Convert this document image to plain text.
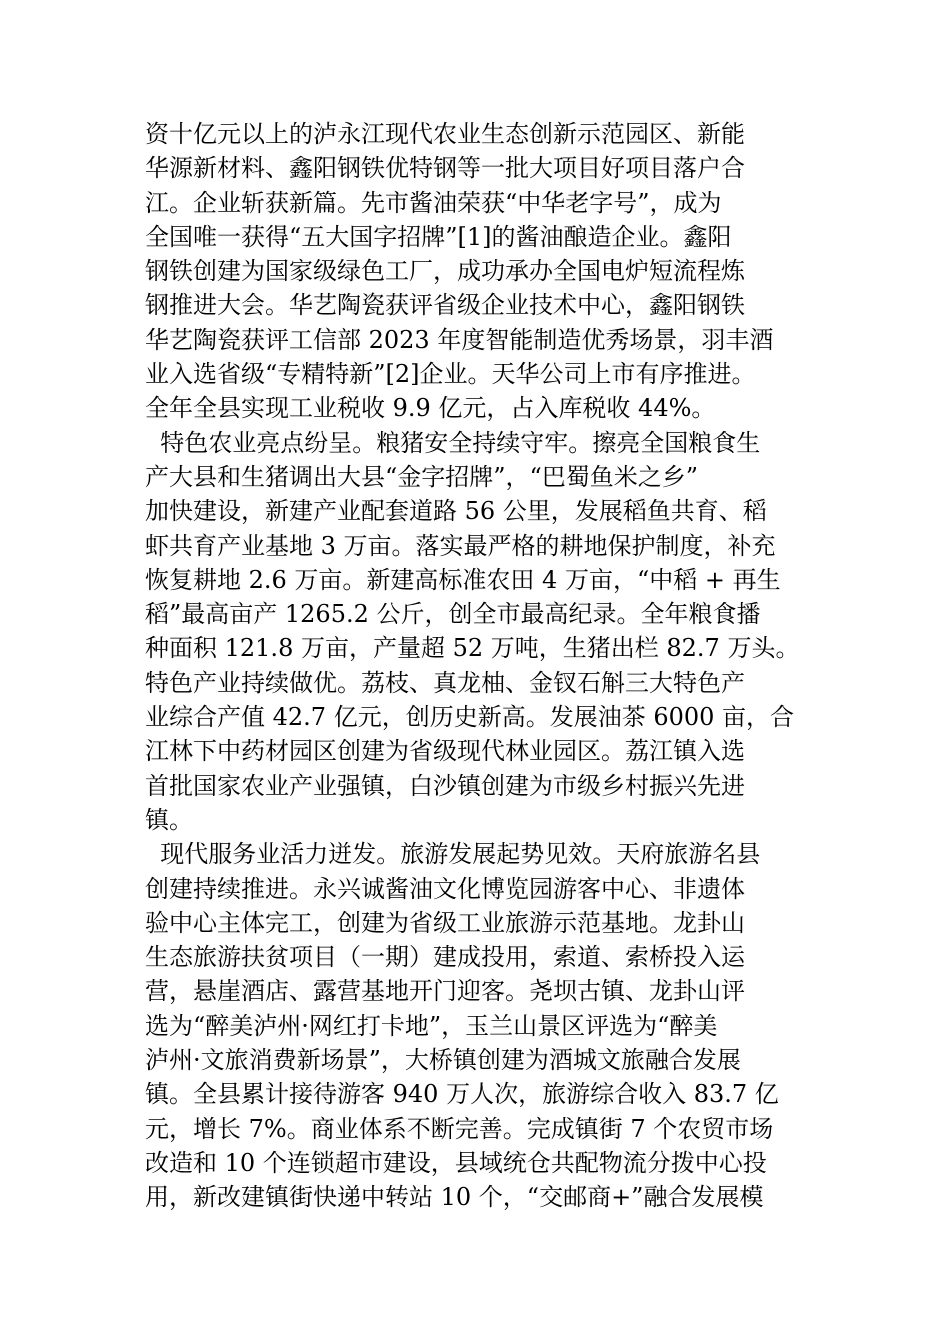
资十亿元以上的泸永江现代农业生态创新示范园区、新能
华源新材料、鑫阳钢铁优特钢等一批大项目好项目落户合
江。企业斩获新篇。先市酱油荣获“中华老字号”，成为
全国唯一获得“五大国字招牌”[1]的酱油酿造企业。鑫阳
钢铁创建为国家级绿色工厂，成功承办全国电炉短流程炼
钢推进大会。华艺陶瓷获评省级企业技术中心，鑫阳钢铁
华艺陶瓷获评工信部 2023 年度智能制造优秀场景，羽丰酒
业入选省级“专精特新”[2]企业。天华公司上市有序推进。
全年全县实现工业税收 9.9 亿元，占入库税收 44%。
特色农业亮点纷呈。粮猪安全持续守牢。擦亮全国粮食生
产大县和生猪调出大县“金字招牌”，“巴蜀鱼米之乡”
加快建设，新建产业配套道路 56 公里，发展稻鱼共育、稻
虾共育产业基地 3 万亩。落实最严格的耕地保护制度，补充
恢复耕地 2.6 万亩。新建高标准农田 4 万亩，“中稻 + 再生
稻”最高亩产 1265.2 公斤，创全市最高纪录。全年粮食播
种面积 121.8 万亩，产量超 52 万吨，生猪出栏 82.7 万头。
特色产业持续做优。荔枝、真龙柚、金钗石斛三大特色产
业综合产值 42.7 亿元，创历史新高。发展油茶 6000 亩，合
江林下中药材园区创建为省级现代林业园区。荔江镇入选
首批国家农业产业强镇，白沙镇创建为市级乡村振兴先进
镇。
现代服务业活力迸发。旅游发展起势见效。天府旅游名县
创建持续推进。永兴诚酱油文化博览园游客中心、非遗体
验中心主体完工，创建为省级工业旅游示范基地。龙卦山
生态旅游扶贫项目（一期）建成投用，索道、索桥投入运
营，悬崖酒店、露营基地开门迎客。尧坝古镇、龙卦山评
选为“醉美泸州·网红打卡地”，玉兰山景区评选为“醉美
泸州·文旅消费新场景”，大桥镇创建为酒城文旅融合发展
镇。全县累计接待游客 940 万人次，旅游综合收入 83.7 亿
元，增长 7%。商业体系不断完善。完成镇街 7 个农贸市场
改造和 10 个连锁超市建设，县域统仓共配物流分拨中心投
用，新改建镇街快递中转站 10 个，“交邮商+”融合发展模
